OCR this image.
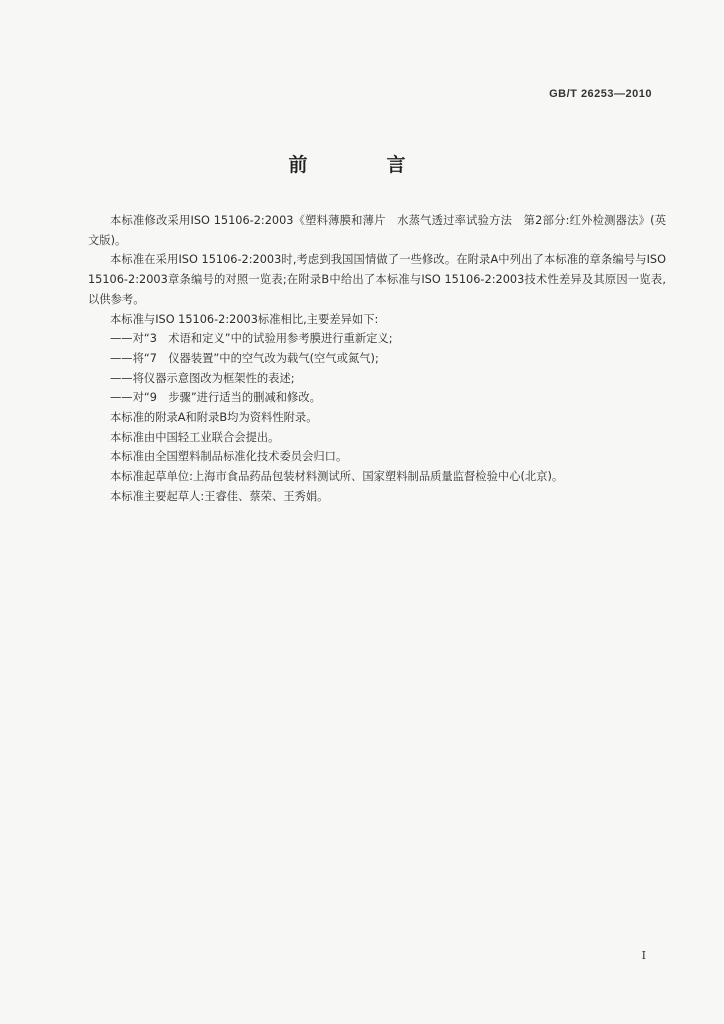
GB/T 26253—2010
前　言

本标准修改采用ISO 15106-2:2003《塑料薄膜和薄片　水蒸气透过率试验方法　第2部分:红外检测器法》(英文版)。

本标准在采用ISO 15106-2:2003时,考虑到我国国情做了一些修改。在附录A中列出了本标准的章条编号与ISO 15106-2:2003章条编号的对照一览表;在附录B中给出了本标准与ISO 15106-2:2003技术性差异及其原因一览表,以供参考。

本标准与ISO 15106-2:2003标准相比,主要差异如下:

——对“3　术语和定义”中的试验用参考膜进行重新定义;

——将“7　仪器装置”中的空气改为载气(空气或氮气);

——将仪器示意图改为框架性的表述;

——对“9　步骤”进行适当的删减和修改。

本标准的附录A和附录B均为资料性附录。

本标准由中国轻工业联合会提出。

本标准由全国塑料制品标准化技术委员会归口。

本标准起草单位:上海市食品药品包装材料测试所、国家塑料制品质量监督检验中心(北京)。

本标准主要起草人:王睿佳、蔡荣、王秀娟。

I
